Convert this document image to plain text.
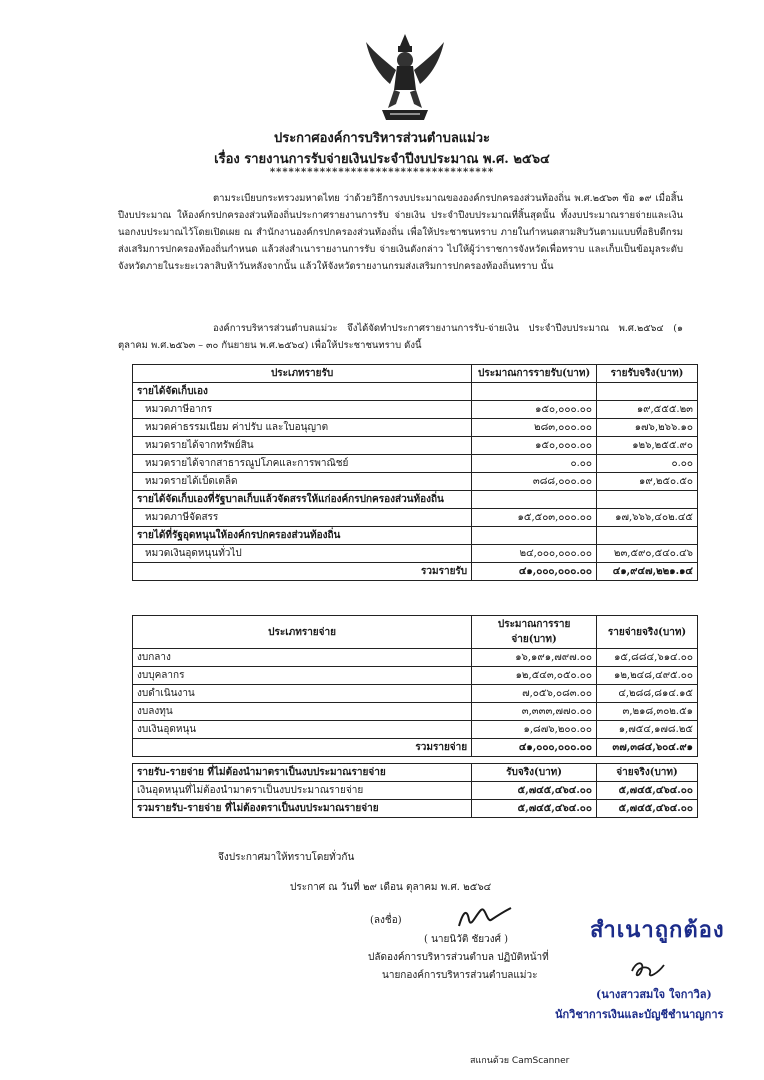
ประกาศองค์การบริหารส่วนตำบลแม่วะ
เรื่อง รายงานการรับจ่ายเงินประจำปีงบประมาณ พ.ศ. ๒๕๖๔
************************************
ตามระเบียบกระทรวงมหาดไทย ว่าด้วยวิธีการงบประมาณขององค์กรปกครองส่วนท้องถิ่น พ.ศ.๒๕๖๓ ข้อ ๑๙ เมื่อสิ้นปีงบประมาณ ให้องค์กรปกครองส่วนท้องถิ่นประกาศรายงานการรับ จ่ายเงิน ประจำปีงบประมาณที่สิ้นสุดนั้น ทั้งงบประมาณรายจ่ายและเงินนอกงบประมาณไว้โดยเปิดเผย ณ สำนักงานองค์กรปกครองส่วนท้องถิ่น เพื่อให้ประชาชนทราบ ภายในกำหนดสามสิบวันตามแบบที่อธิบดีกรมส่งเสริมการปกครองท้องถิ่นกำหนด แล้วส่งสำเนารายงานการรับ จ่ายเงินดังกล่าว ไปให้ผู้ว่าราชการจังหวัดเพื่อทราบ และเก็บเป็นข้อมูลระดับจังหวัดภายในระยะเวลาสิบห้าวันหลังจากนั้น แล้วให้จังหวัดรายงานกรมส่งเสริมการปกครองท้องถิ่นทราบ นั้น
องค์การบริหารส่วนตำบลแม่วะ จึงได้จัดทำประกาศรายงานการรับ-จ่ายเงิน ประจำปีงบประมาณ พ.ศ.๒๕๖๔ (๑ ตุลาคม พ.ศ.๒๕๖๓ – ๓๐ กันยายน พ.ศ.๒๕๖๔) เพื่อให้ประชาชนทราบ ดังนี้
ประเภทรายรับ	ประมาณการรายรับ(บาท)	รายรับจริง(บาท)
รายได้จัดเก็บเอง		
หมวดภาษีอากร	๑๕๐,๐๐๐.๐๐	๑๙,๕๕๕.๒๓
หมวดค่าธรรมเนียม ค่าปรับ และใบอนุญาต	๒๘๓,๐๐๐.๐๐	๑๗๖,๒๖๖.๑๐
หมวดรายได้จากทรัพย์สิน	๑๕๐,๐๐๐.๐๐	๑๒๖,๒๕๕.๙๐
หมวดรายได้จากสาธารณูปโภคและการพาณิชย์	๐.๐๐	๐.๐๐
หมวดรายได้เบ็ดเตล็ด	๓๘๘,๐๐๐.๐๐	๑๙,๒๕๐.๕๐
รายได้จัดเก็บเองที่รัฐบาลเก็บแล้วจัดสรรให้แก่องค์กรปกครองส่วนท้องถิ่น		
หมวดภาษีจัดสรร	๑๕,๕๐๓,๐๐๐.๐๐	๑๗,๖๖๖,๔๐๒.๔๕
รายได้ที่รัฐอุดหนุนให้องค์กรปกครองส่วนท้องถิ่น		
หมวดเงินอุดหนุนทั่วไป	๒๔,๐๐๐,๐๐๐.๐๐	๒๓,๕๙๐,๕๔๐.๔๖
รวมรายรับ	๔๑,๐๐๐,๐๐๐.๐๐	๔๑,๙๔๗,๒๒๑.๑๔
ประเภทรายจ่าย	ประมาณการรายจ่าย(บาท)	รายจ่ายจริง(บาท)
งบกลาง	๑๖,๑๙๑,๗๙๗.๐๐	๑๕,๘๘๔,๖๑๔.๐๐
งบบุคลากร	๑๒,๕๔๓,๐๕๐.๐๐	๑๒,๒๔๘,๔๙๕.๐๐
งบดำเนินงาน	๗,๐๕๖,๐๘๓.๐๐	๔,๒๘๘,๘๑๔.๑๕
งบลงทุน	๓,๓๓๓,๗๗๐.๐๐	๓,๒๑๘,๓๐๒.๕๑
งบเงินอุดหนุน	๑,๘๗๖,๒๐๐.๐๐	๑,๗๕๔,๑๗๘.๒๕
รวมรายจ่าย	๔๑,๐๐๐,๐๐๐.๐๐	๓๗,๓๘๔,๖๐๔.๙๑
รายรับ-รายจ่าย ที่ไม่ต้องนำมาตราเป็นงบประมาณรายจ่าย	รับจริง(บาท)	จ่ายจริง(บาท)
เงินอุดหนุนที่ไม่ต้องนำมาตราเป็นงบประมาณรายจ่าย	๕,๗๔๕,๔๖๔.๐๐	๕,๗๔๕,๔๖๔.๐๐
รวมรายรับ-รายจ่าย ที่ไม่ต้องตราเป็นงบประมาณรายจ่าย	๕,๗๔๕,๔๖๔.๐๐	๕,๗๔๕,๔๖๔.๐๐
จึงประกาศมาให้ทราบโดยทั่วกัน
ประกาศ ณ วันที่ ๒๙ เดือน ตุลาคม พ.ศ. ๒๕๖๔
(ลงชื่อ)
( นายนิวัติ ชัยวงศ์ )
ปลัดองค์การบริหารส่วนตำบล ปฏิบัติหน้าที่
นายกองค์การบริหารส่วนตำบลแม่วะ
สำเนาถูกต้อง
(นางสาวสมใจ ใจกาวิล)
นักวิชาการเงินและบัญชีชำนาญการ
สแกนด้วย CamScanner
